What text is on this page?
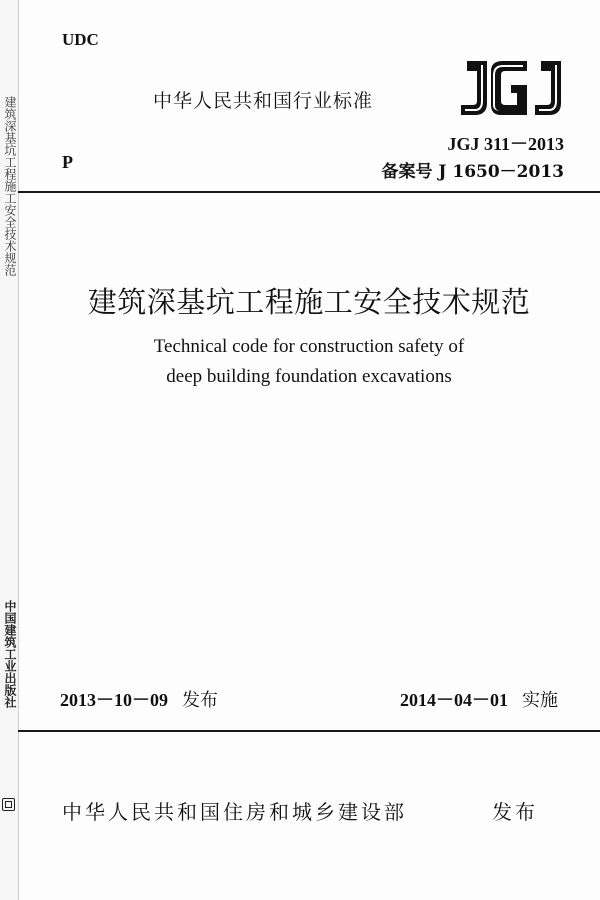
建筑深基坑工程施工安全技术规范
中国建筑工业出版社
UDC
中华人民共和国行业标准
JGJ 311－2013
P	备案号 J 1650－2013
建筑深基坑工程施工安全技术规范
Technical code for construction safety of
deep building foundation excavations
2013－10－09 发布	2014－04－01 实施
中华人民共和国住房和城乡建设部	发布
